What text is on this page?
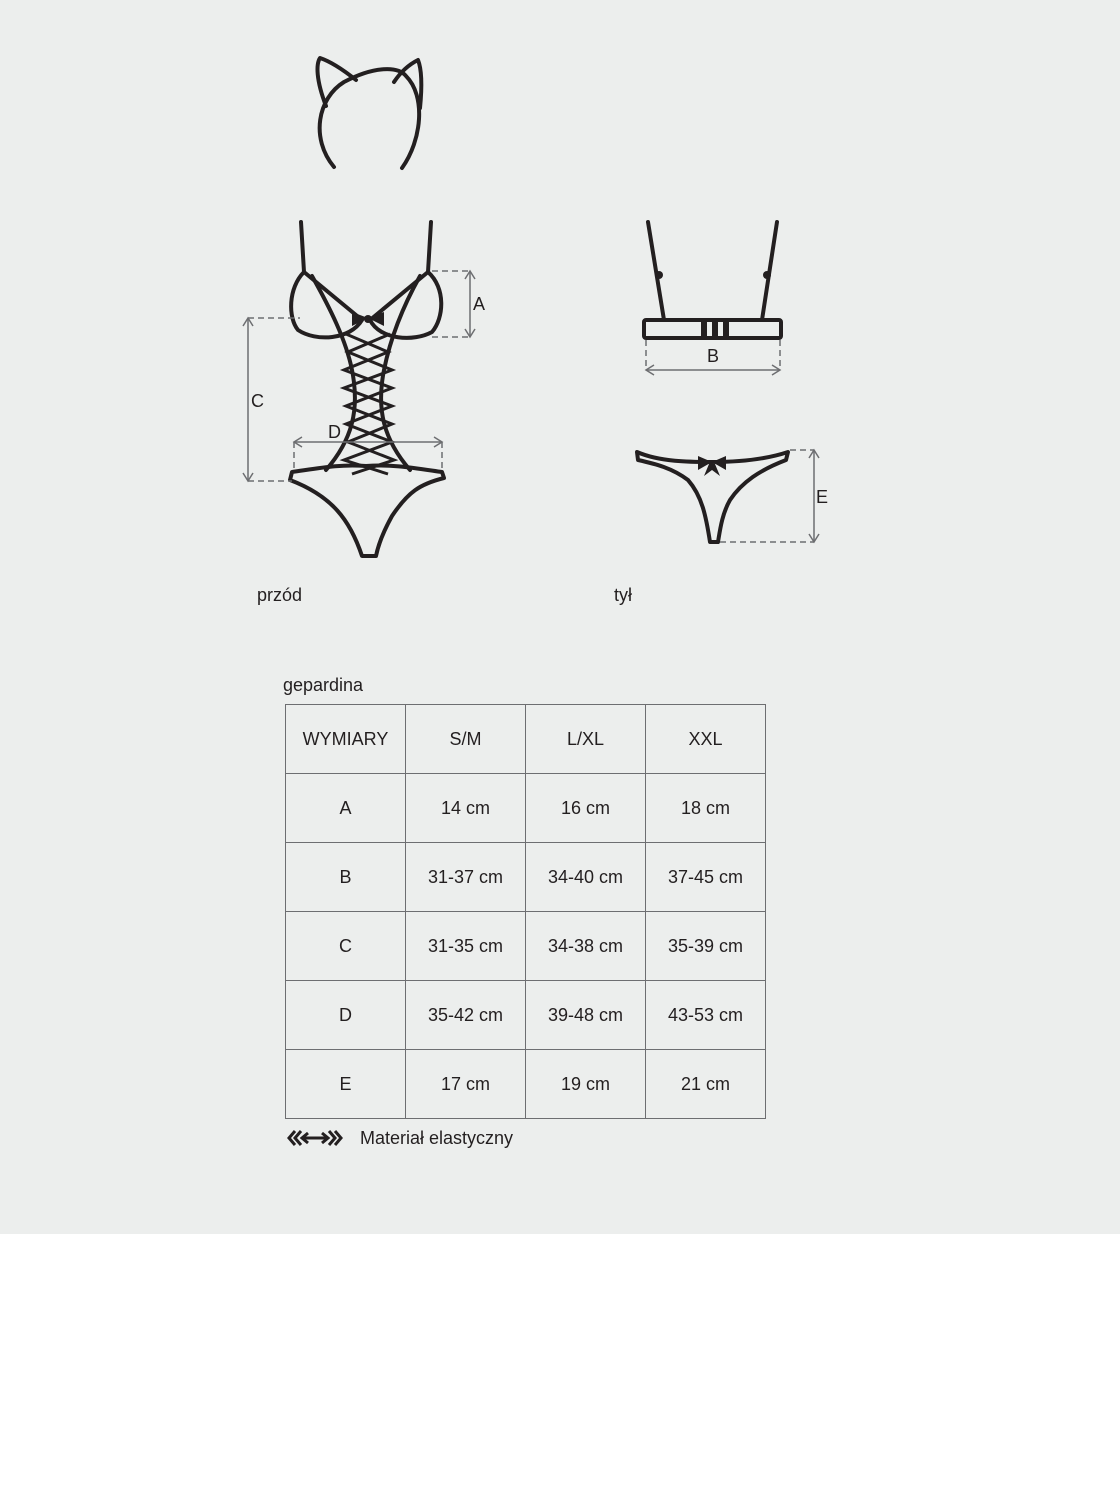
A
C
D
B
E
przód	tył
gepardina
WYMIARY	S/M	L/XL	XXL
A	14 cm	16 cm	18 cm
B	31-37 cm	34-40 cm	37-45 cm
C	31-35 cm	34-38 cm	35-39 cm
D	35-42 cm	39-48 cm	43-53 cm
E	17 cm	19 cm	21 cm
Materiał elastyczny
